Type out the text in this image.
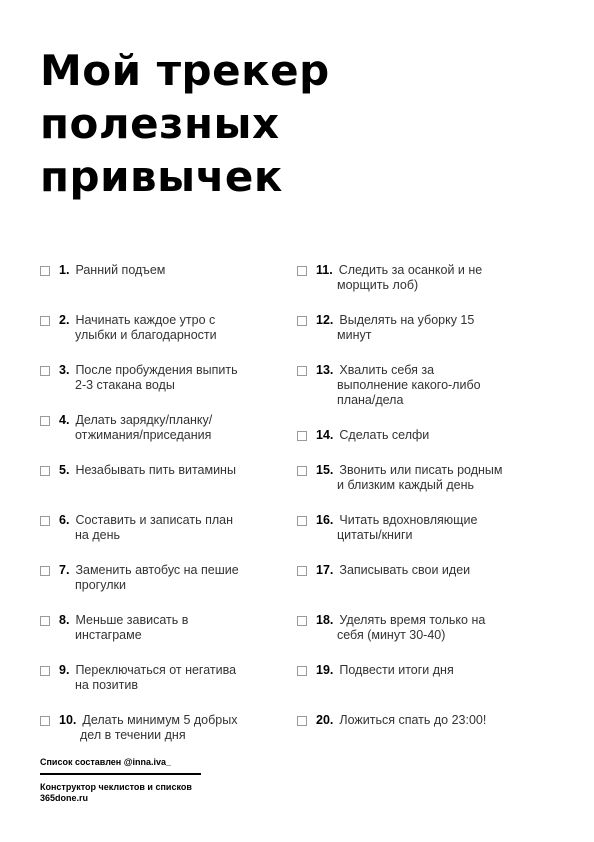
Мой трекер
полезных
привычек
1. Ранний подъем
2. Начинать каждое утро с
улыбки и благодарности
3. После пробуждения выпить
2-3 стакана воды
4. Делать зарядку/планку/
отжимания/приседания
5. Незабывать пить витамины
6. Составить и записать план
на день
7. Заменить автобус на пешие
прогулки
8. Меньше зависать в
инстаграме
9. Переключаться от негатива
на позитив
10. Делать минимум 5 добрых
дел в течении дня
11. Следить за осанкой и не
морщить лоб)
12. Выделять на уборку 15
минут
13. Хвалить себя за
выполнение какого-либо
плана/дела
14. Сделать селфи
15. Звонить или писать родным
и близким каждый день
16. Читать вдохновляющие
цитаты/книги
17. Записывать свои идеи
18. Уделять время только на
себя (минут 30-40)
19. Подвести итоги дня
20. Ложиться спать до 23:00!
Список составлен @inna.iva_
Конструктор чеклистов и списков
365done.ru
